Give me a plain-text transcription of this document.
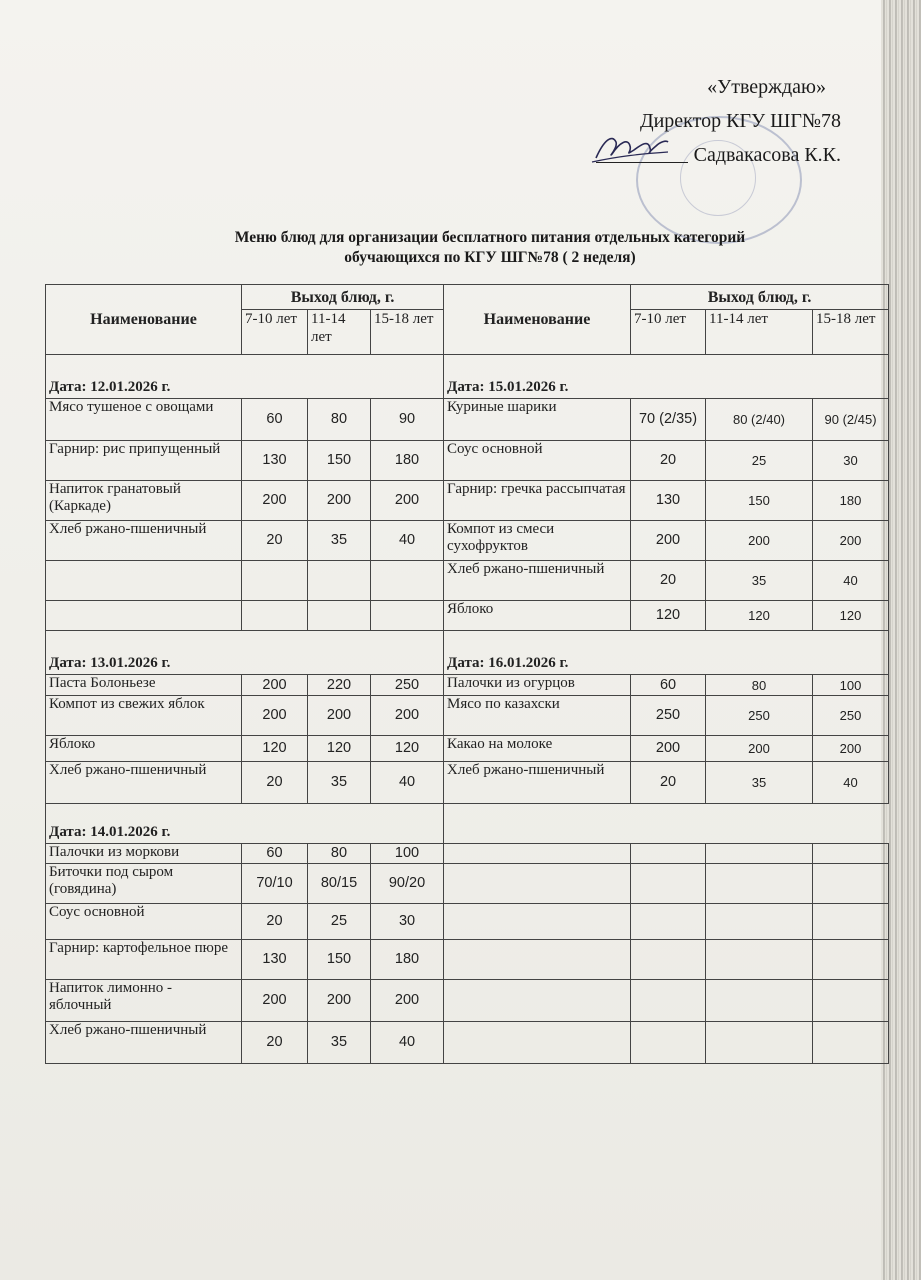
«Утверждаю»
Директор КГУ ШГ№78
Садвакасова К.К.
Меню блюд для организации бесплатного питания отдельных категорий
обучающихся по КГУ ШГ№78 ( 2 неделя)
Наименование	Выход блюд, г.			Наименование	Выход блюд, г.		
	7-10 лет	11-14 лет	15-18 лет		7-10 лет	11-14 лет	15-18 лет
Дата: 12.01.2026 г.				Дата: 15.01.2026 г.			
Мясо тушеное с овощами	60	80	90	Куриные шарики	70 (2/35)	80 (2/40)	90 (2/45)
Гарнир: рис припущенный	130	150	180	Соус основной	20	25	30
Напиток гранатовый (Каркаде)	200	200	200	Гарнир: гречка рассыпчатая	130	150	180
Хлеб ржано-пшеничный	20	35	40	Компот из смеси сухофруктов	200	200	200
				Хлеб ржано-пшеничный	20	35	40
				Яблоко	120	120	120
Дата: 13.01.2026 г.				Дата: 16.01.2026 г.			
Паста Болоньезе	200	220	250	Палочки из огурцов	60	80	100
Компот из свежих яблок	200	200	200	Мясо по казахски	250	250	250
Яблоко	120	120	120	Какао на молоке	200	200	200
Хлеб ржано-пшеничный	20	35	40	Хлеб ржано-пшеничный	20	35	40
Дата: 14.01.2026 г.							
Палочки из моркови	60	80	100				
Биточки под сыром (говядина)	70/10	80/15	90/20				
Соус основной	20	25	30				
Гарнир: картофельное пюре	130	150	180				
Напиток лимонно - яблочный	200	200	200				
Хлеб ржано-пшеничный	20	35	40				
